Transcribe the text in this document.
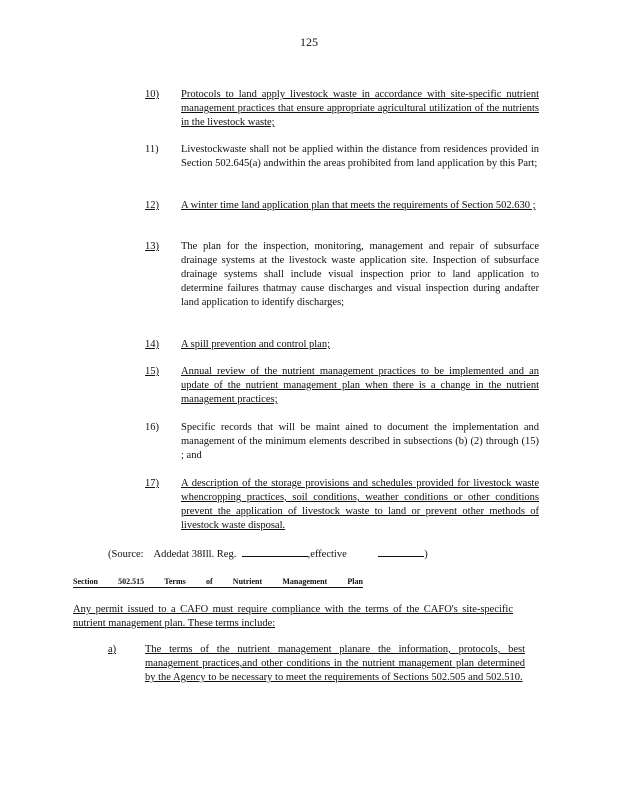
125
10) Protocols to land apply livestock waste in accordance with site-specific nutrient management practices that ensure appropriate agricultural utilization of the nutrients in the livestock waste;
11) Livestockwaste shall not be applied within the distance from residences provided in Section 502.645(a) andwithin the areas prohibited from land application by this Part;
12) A winter time land application plan that meets the requirements of Section 502.630 ;
13) The plan for the inspection, monitoring, management and repair of subsurface drainage systems at the livestock waste application site. Inspection of subsurface drainage systems shall include visual inspection prior to land application to determine failures thatmay cause discharges and visual inspection during andafter land application to identify discharges;
14) A spill prevention and control plan;
15) Annual review of the nutrient management practices to be implemented and an update of the nutrient management plan when there is a change in the nutrient management practices;
16) Specific records that will be maint ained to document the implementation and management of the minimum elements described in subsections (b) (2) through (15) ; and
17) A description of the storage provisions and schedules provided for livestock waste whencropping practices, soil conditions, weather conditions or other conditions prevent the application of livestock waste to land or prevent other methods of livestock waste disposal.
(Source: Addedat 38Ill. Reg.	,effective	)
Section	502.515	Terms	of	Nutrient	Management	Plan
Any permit issued to a CAFO must require compliance with the terms of the CAFO's site-specific nutrient management plan. These terms include:
a)	The terms of the nutrient management planare the information, protocols, best management practices,and other conditions in the nutrient management plan determined by the Agency to be necessary to meet the requirements of Sections 502.505 and 502.510.
